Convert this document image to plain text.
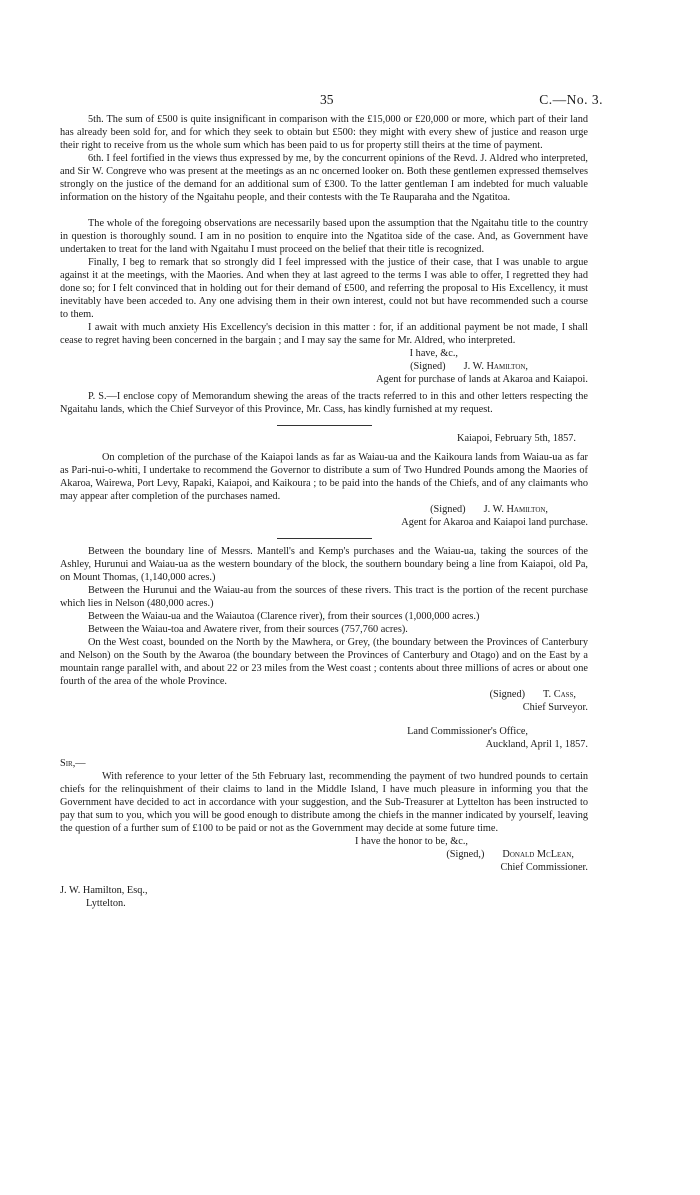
35	C.—No. 3.

5th. The sum of £500 is quite insignificant in comparison with the £15,000 or £20,000 or more, which part of their land has already been sold for, and for which they seek to obtain but £500: they might with every shew of justice and reason urge their right to receive from us the whole sum which has been paid to us for property still theirs at the time of payment.

6th. I feel fortified in the views thus expressed by me, by the concurrent opinions of the Revd. J. Aldred who interpreted, and Sir W. Congreve who was present at the meetings as an nc oncerned looker on. Both these gentlemen expressed themselves strongly on the justice of the demand for an additional sum of £300. To the latter gentleman I am indebted for much valuable information on the history of the Ngaitahu people, and their contests with the Te Rauparaha and the Ngatitoa.

The whole of the foregoing observations are necessarily based upon the assumption that the Ngaitahu title to the country in question is thoroughly sound. I am in no position to enquire into the Ngatitoa side of the case. And, as Government have undertaken to treat for the land with Ngaitahu I must proceed on the belief that their title is recognized.

Finally, I beg to remark that so strongly did I feel impressed with the justice of their case, that I was unable to argue against it at the meetings, with the Maories. And when they at last agreed to the terms I was able to offer, I regretted they had done so; for I felt convinced that in holding out for their demand of £500, and referring the proposal to His Excellency, it must inevitably have been acceded to. Any one advising them in their own interest, could not but have recommended such a course to them.

I await with much anxiety His Excellency's decision in this matter : for, if an additional payment be not made, I shall cease to regret having been concerned in the bargain ; and I may say the same for Mr. Aldred, who interpreted.

I have, &c.,
(Signed) J. W. Hamilton,
Agent for purchase of lands at Akaroa and Kaiapoi.

P. S.—I enclose copy of Memorandum shewing the areas of the tracts referred to in this and other letters respecting the Ngaitahu lands, which the Chief Surveyor of this Province, Mr. Cass, has kindly furnished at my request.

Kaiapoi, February 5th, 1857.

On completion of the purchase of the Kaiapoi lands as far as Waiau-ua and the Kaikoura lands from Waiau-ua as far as Pari-nui-o-whiti, I undertake to recommend the Governor to distribute a sum of Two Hundred Pounds among the Maories of Akaroa, Wairewa, Port Levy, Rapaki, Kaiapoi, and Kaikoura ; to be paid into the hands of the Chiefs, and of any claimants who may appear after completion of the purchases named.

(Signed) J. W. Hamilton,
Agent for Akaroa and Kaiapoi land purchase.

Between the boundary line of Messrs. Mantell's and Kemp's purchases and the Waiau-ua, taking the sources of the Ashley, Hurunui and Waiau-ua as the western boundary of the block, the southern boundary being a line from Kaiapoi, old Pa, on Mount Thomas, (1,140,000 acres.)

Between the Hurunui and the Waiau-au from the sources of these rivers. This tract is the portion of the recent purchase which lies in Nelson (480,000 acres.)

Between the Waiau-ua and the Waiautoa (Clarence river), from their sources (1,000,000 acres.)

Between the Waiau-toa and Awatere river, from their sources (757,760 acres).

On the West coast, bounded on the North by the Mawhera, or Grey, (the boundary between the Provinces of Canterbury and Nelson) on the South by the Awaroa (the boundary between the Provinces of Canterbury and Otago) and on the East by a mountain range parallel with, and about 22 or 23 miles from the West coast ; contents about three millions of acres or about one fourth of the area of the whole Province.

(Signed) T. Cass,
Chief Surveyor.
Land Commissioner's Office,
Auckland, April 1, 1857.
Sir,—

With reference to your letter of the 5th February last, recommending the payment of two hundred pounds to certain chiefs for the relinquishment of their claims to land in the Middle Island, I have much pleasure in informing you that the Government have decided to act in accordance with your suggestion, and the Sub-Treasurer at Lyttelton has been instructed to pay that sum to you, which you will be good enough to distribute among the chiefs in the manner indicated by yourself, leaving the question of a further sum of £100 to be paid or not as the Government may decide at some future time.

I have the honor to be, &c.,
(Signed,) Donald McLean,
Chief Commissioner.
J. W. Hamilton, Esq.,
Lyttelton.
